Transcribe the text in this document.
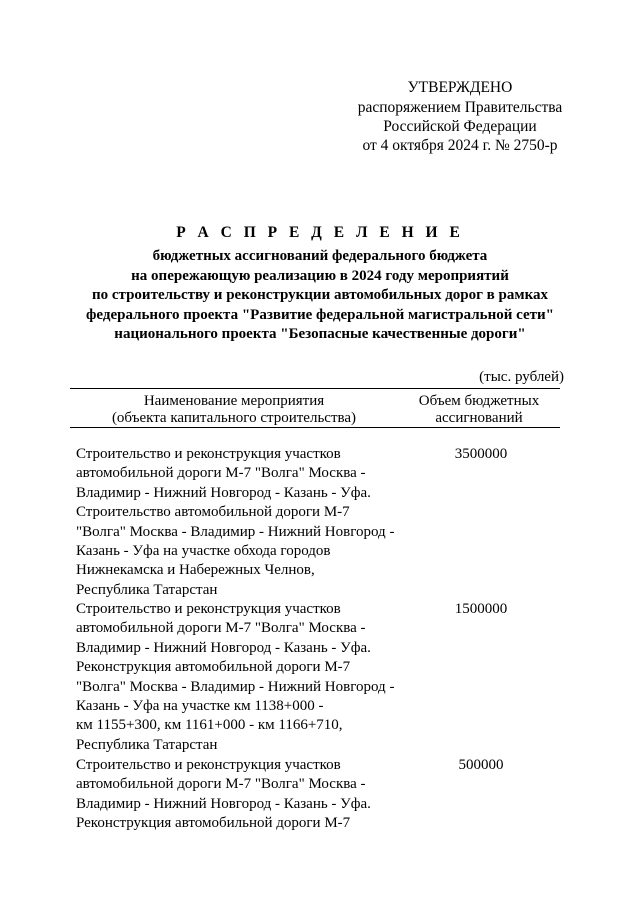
УТВЕРЖДЕНО
распоряжением Правительства
Российской Федерации
от 4 октября 2024 г. № 2750-р
Р А С П Р Е Д Е Л Е Н И Е
бюджетных ассигнований федерального бюджета
на опережающую реализацию в 2024 году мероприятий
по строительству и реконструкции автомобильных дорог в рамках
федерального проекта "Развитие федеральной магистральной сети"
национального проекта "Безопасные качественные дороги"
(тыс. рублей)
Наименование мероприятия
(объекта капитального строительства)
Объем бюджетных
ассигнований
Строительство и реконструкция участков
автомобильной дороги М-7 "Волга" Москва -
Владимир - Нижний Новгород - Казань - Уфа.
Строительство автомобильной дороги М-7
"Волга" Москва - Владимир - Нижний Новгород -
Казань - Уфа на участке обхода городов
Нижнекамска и Набережных Челнов,
Республика Татарстан
3500000
Строительство и реконструкция участков
автомобильной дороги М-7 "Волга" Москва -
Владимир - Нижний Новгород - Казань - Уфа.
Реконструкция автомобильной дороги М-7
"Волга" Москва - Владимир - Нижний Новгород -
Казань - Уфа на участке км 1138+000 -
км 1155+300, км 1161+000 - км 1166+710,
Республика Татарстан
1500000
Строительство и реконструкция участков
автомобильной дороги М-7 "Волга" Москва -
Владимир - Нижний Новгород - Казань - Уфа.
Реконструкция автомобильной дороги М-7
500000
